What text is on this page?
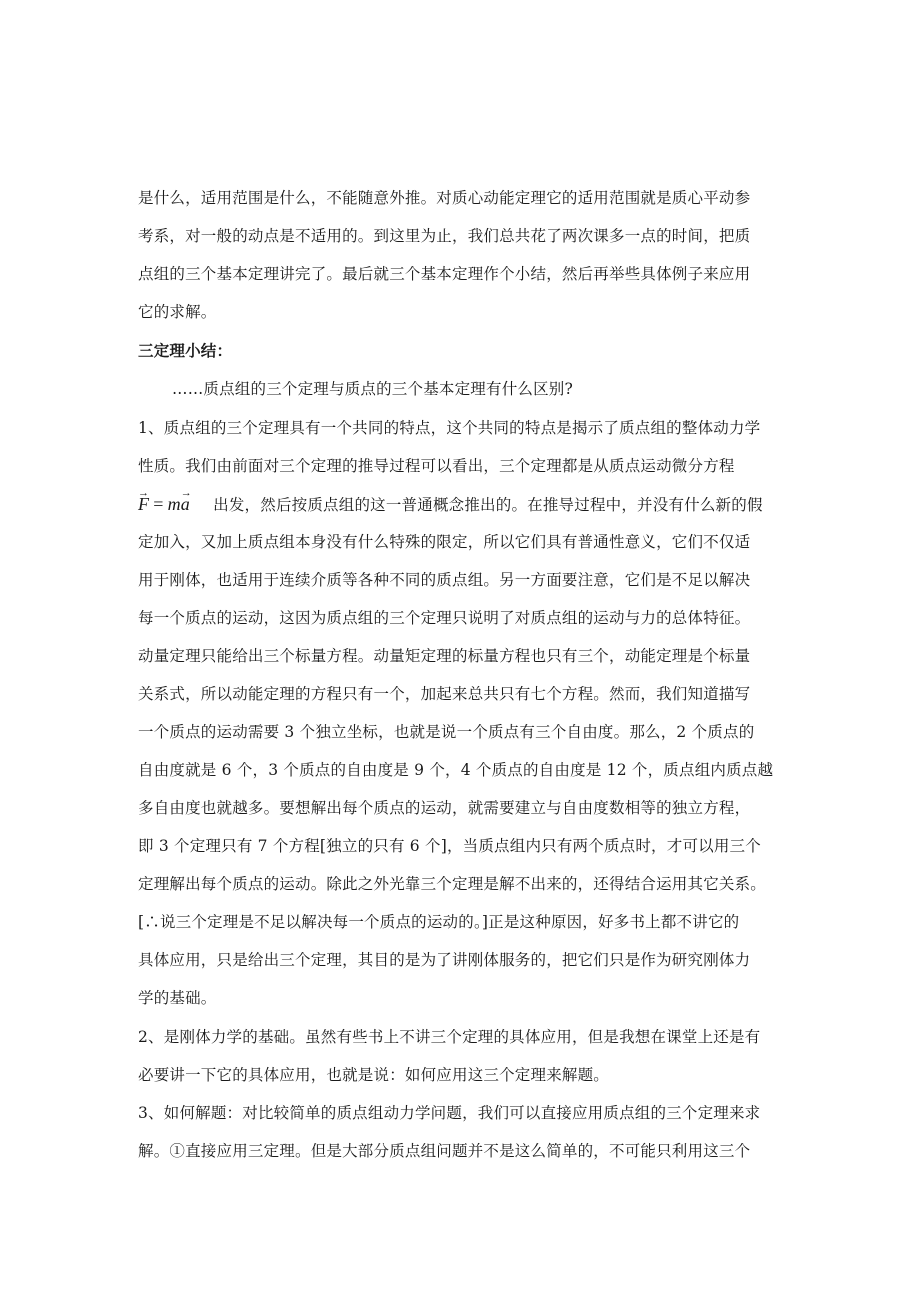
是什么，适用范围是什么，不能随意外推。对质心动能定理它的适用范围就是质心平动参
考系，对一般的动点是不适用的。到这里为止，我们总共花了两次课多一点的时间，把质
点组的三个基本定理讲完了。最后就三个基本定理作个小结，然后再举些具体例子来应用
它的求解。
三定理小结：
……质点组的三个定理与质点的三个基本定理有什么区别?
1、质点组的三个定理具有一个共同的特点，这个共同的特点是揭示了质点组的整体动力学
性质。我们由前面对三个定理的推导过程可以看出，三个定理都是从质点运动微分方程
→ F = m→ a 出发，然后按质点组的这一普通概念推出的。在推导过程中，并没有什么新的假
定加入，又加上质点组本身没有什么特殊的限定，所以它们具有普通性意义，它们不仅适
用于刚体，也适用于连续介质等各种不同的质点组。另一方面要注意，它们是不足以解决
每一个质点的运动，这因为质点组的三个定理只说明了对质点组的运动与力的总体特征。
动量定理只能给出三个标量方程。动量矩定理的标量方程也只有三个，动能定理是个标量
关系式，所以动能定理的方程只有一个，加起来总共只有七个方程。然而，我们知道描写
一个质点的运动需要 3 个独立坐标，也就是说一个质点有三个自由度。那么，2 个质点的
自由度就是 6 个，3 个质点的自由度是 9 个，4 个质点的自由度是 12 个，质点组内质点越
多自由度也就越多。要想解出每个质点的运动，就需要建立与自由度数相等的独立方程，
即 3 个定理只有 7 个方程[独立的只有 6 个]，当质点组内只有两个质点时，才可以用三个
定理解出每个质点的运动。除此之外光靠三个定理是解不出来的，还得结合运用其它关系。
[∴说三个定理是不足以解决每一个质点的运动的。]正是这种原因，好多书上都不讲它的
具体应用，只是给出三个定理，其目的是为了讲刚体服务的，把它们只是作为研究刚体力
学的基础。
2、是刚体力学的基础。虽然有些书上不讲三个定理的具体应用，但是我想在课堂上还是有
必要讲一下它的具体应用，也就是说：如何应用这三个定理来解题。
3、如何解题：对比较简单的质点组动力学问题，我们可以直接应用质点组的三个定理来求
解。①直接应用三定理。但是大部分质点组问题并不是这么简单的，不可能只利用这三个
